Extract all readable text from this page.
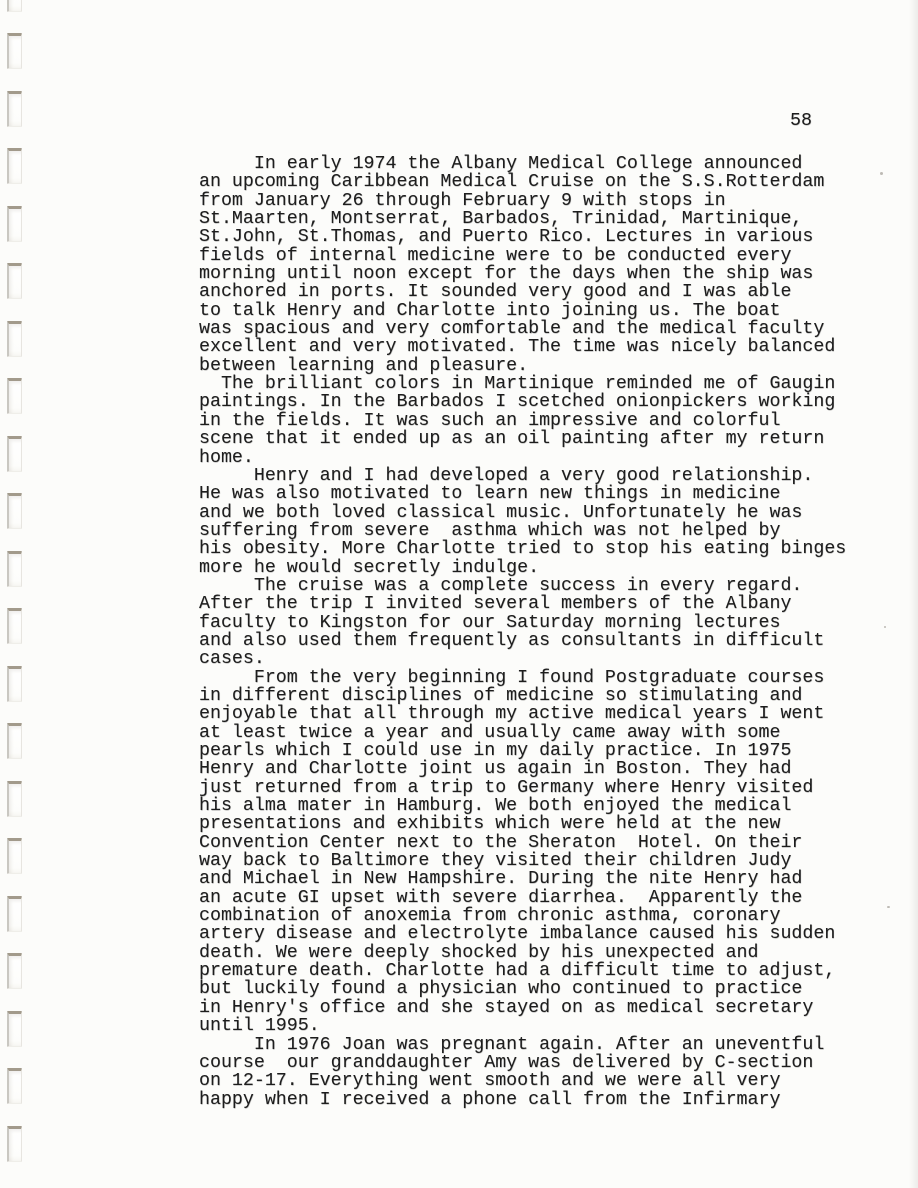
58
In early 1974 the Albany Medical College announced
an upcoming Caribbean Medical Cruise on the S.S.Rotterdam
from January 26 through February 9 with stops in
St.Maarten, Montserrat, Barbados, Trinidad, Martinique,
St.John, St.Thomas, and Puerto Rico. Lectures in various
fields of internal medicine were to be conducted every
morning until noon except for the days when the ship was
anchored in ports. It sounded very good and I was able
to talk Henry and Charlotte into joining us. The boat
was spacious and very comfortable and the medical faculty
excellent and very motivated. The time was nicely balanced
between learning and pleasure.
The brilliant colors in Martinique reminded me of Gaugin
paintings. In the Barbados I scetched onionpickers working
in the fields. It was such an impressive and colorful
scene that it ended up as an oil painting after my return
home.
Henry and I had developed a very good relationship.
He was also motivated to learn new things in medicine
and we both loved classical music. Unfortunately he was
suffering from severe  asthma which was not helped by
his obesity. More Charlotte tried to stop his eating binges
more he would secretly indulge.
The cruise was a complete success in every regard.
After the trip I invited several members of the Albany
faculty to Kingston for our Saturday morning lectures
and also used them frequently as consultants in difficult
cases.
From the very beginning I found Postgraduate courses
in different disciplines of medicine so stimulating and
enjoyable that all through my active medical years I went
at least twice a year and usually came away with some
pearls which I could use in my daily practice. In 1975
Henry and Charlotte joint us again in Boston. They had
just returned from a trip to Germany where Henry visited
his alma mater in Hamburg. We both enjoyed the medical
presentations and exhibits which were held at the new
Convention Center next to the Sheraton  Hotel. On their
way back to Baltimore they visited their children Judy
and Michael in New Hampshire. During the nite Henry had
an acute GI upset with severe diarrhea.  Apparently the
combination of anoxemia from chronic asthma, coronary
artery disease and electrolyte imbalance caused his sudden
death. We were deeply shocked by his unexpected and
premature death. Charlotte had a difficult time to adjust,
but luckily found a physician who continued to practice
in Henry's office and she stayed on as medical secretary
until 1995.
In 1976 Joan was pregnant again. After an uneventful
course  our granddaughter Amy was delivered by C-section
on 12-17. Everything went smooth and we were all very
happy when I received a phone call from the Infirmary
